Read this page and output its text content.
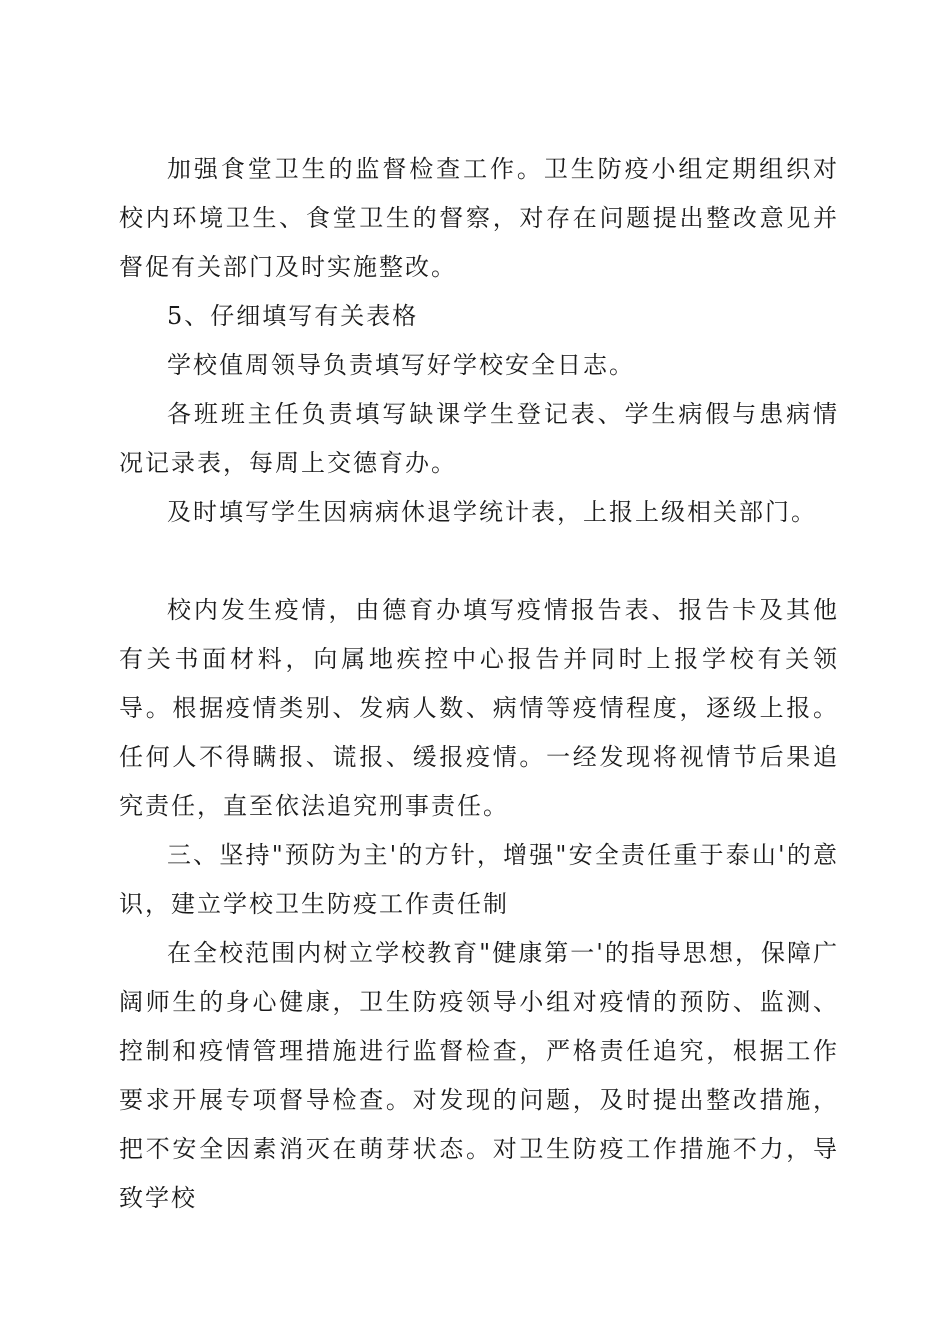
加强食堂卫生的监督检查工作。卫生防疫小组定期组织对校内环境卫生、食堂卫生的督察，对存在问题提出整改意见并督促有关部门及时实施整改。

5、仔细填写有关表格

学校值周领导负责填写好学校安全日志。

各班班主任负责填写缺课学生登记表、学生病假与患病情况记录表，每周上交德育办。

及时填写学生因病病休退学统计表，上报上级相关部门。

校内发生疫情，由德育办填写疫情报告表、报告卡及其他有关书面材料，向属地疾控中心报告并同时上报学校有关领导。根据疫情类别、发病人数、病情等疫情程度，逐级上报。任何人不得瞒报、谎报、缓报疫情。一经发现将视情节后果追究责任，直至依法追究刑事责任。

三、坚持"预防为主'的方针，增强"安全责任重于泰山'的意识，建立学校卫生防疫工作责任制

在全校范围内树立学校教育"健康第一'的指导思想，保障广阔师生的身心健康，卫生防疫领导小组对疫情的预防、监测、控制和疫情管理措施进行监督检查，严格责任追究，根据工作要求开展专项督导检查。对发现的问题，及时提出整改措施，把不安全因素消灭在萌芽状态。对卫生防疫工作措施不力，导致学校
